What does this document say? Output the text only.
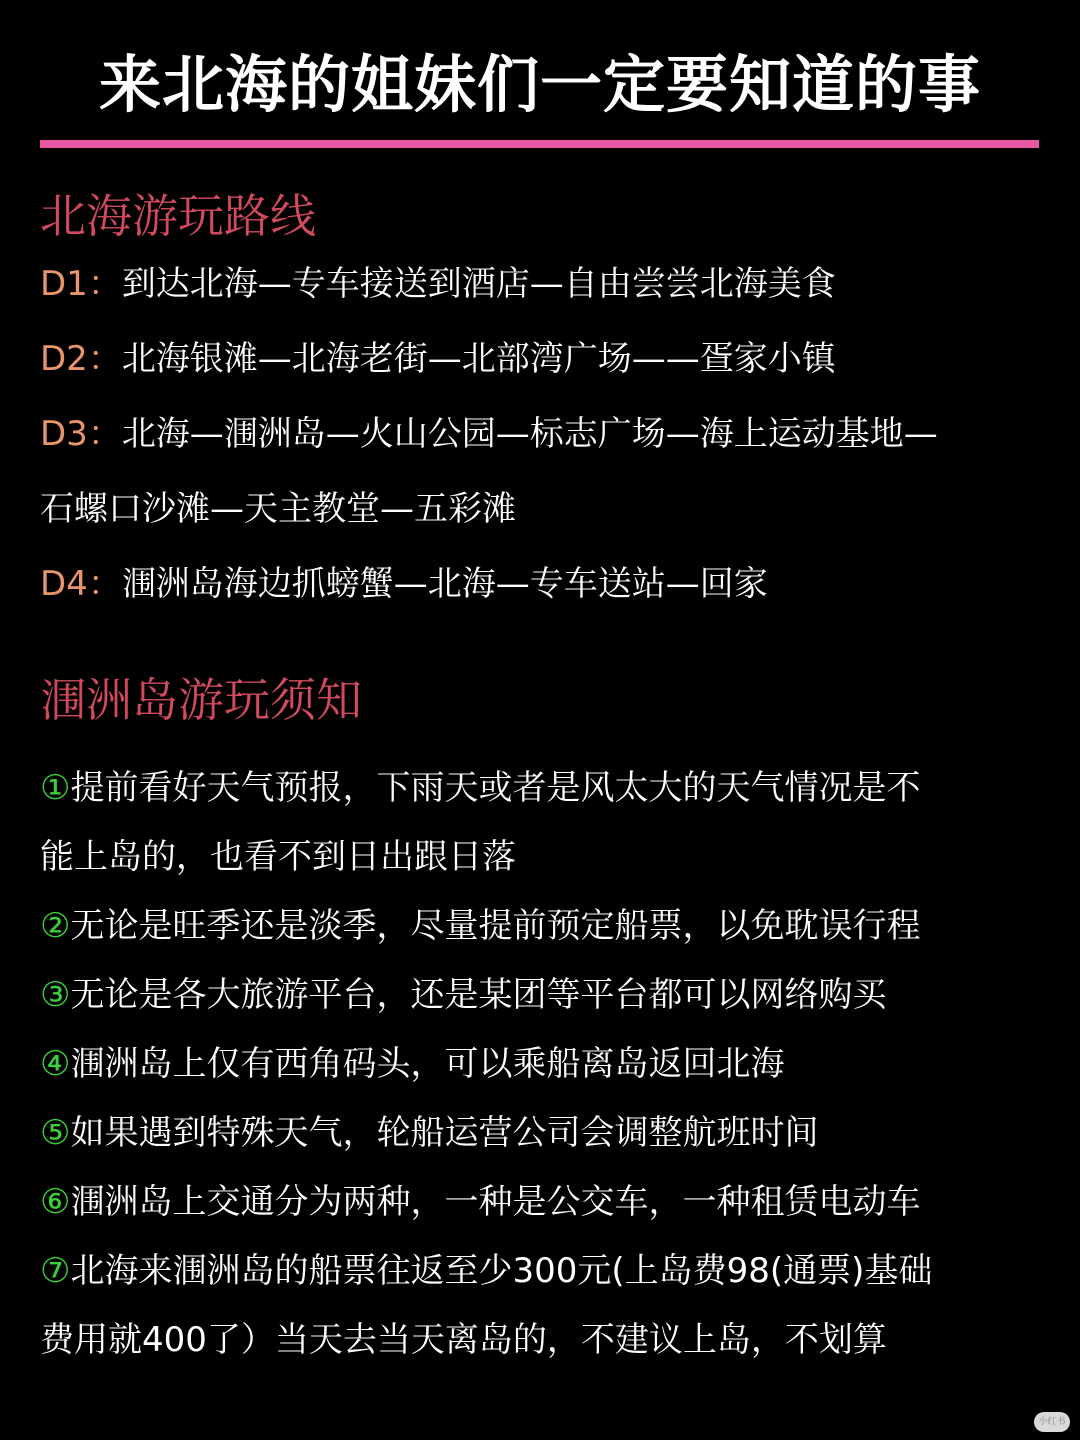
来北海的姐妹们一定要知道的事
北海游玩路线
D1：到达北海—专车接送到酒店—自由尝尝北海美食
D2：北海银滩—北海老街—北部湾广场——疍家小镇
D3：北海—涠洲岛—火山公园—标志广场—海上运动基地—
石螺口沙滩—天主教堂—五彩滩
D4：涠洲岛海边抓螃蟹—北海—专车送站—回家
涠洲岛游玩须知
①提前看好天气预报，下雨天或者是风太大的天气情况是不
能上岛的，也看不到日出跟日落
②无论是旺季还是淡季，尽量提前预定船票，以免耽误行程
③无论是各大旅游平台，还是某团等平台都可以网络购买
④涠洲岛上仅有西角码头，可以乘船离岛返回北海
⑤如果遇到特殊天气，轮船运营公司会调整航班时间
⑥涠洲岛上交通分为两种，一种是公交车，一种租赁电动车
⑦北海来涠洲岛的船票往返至少300元(上岛费98(通票)基础
费用就400了）当天去当天离岛的，不建议上岛，不划算
小红书
